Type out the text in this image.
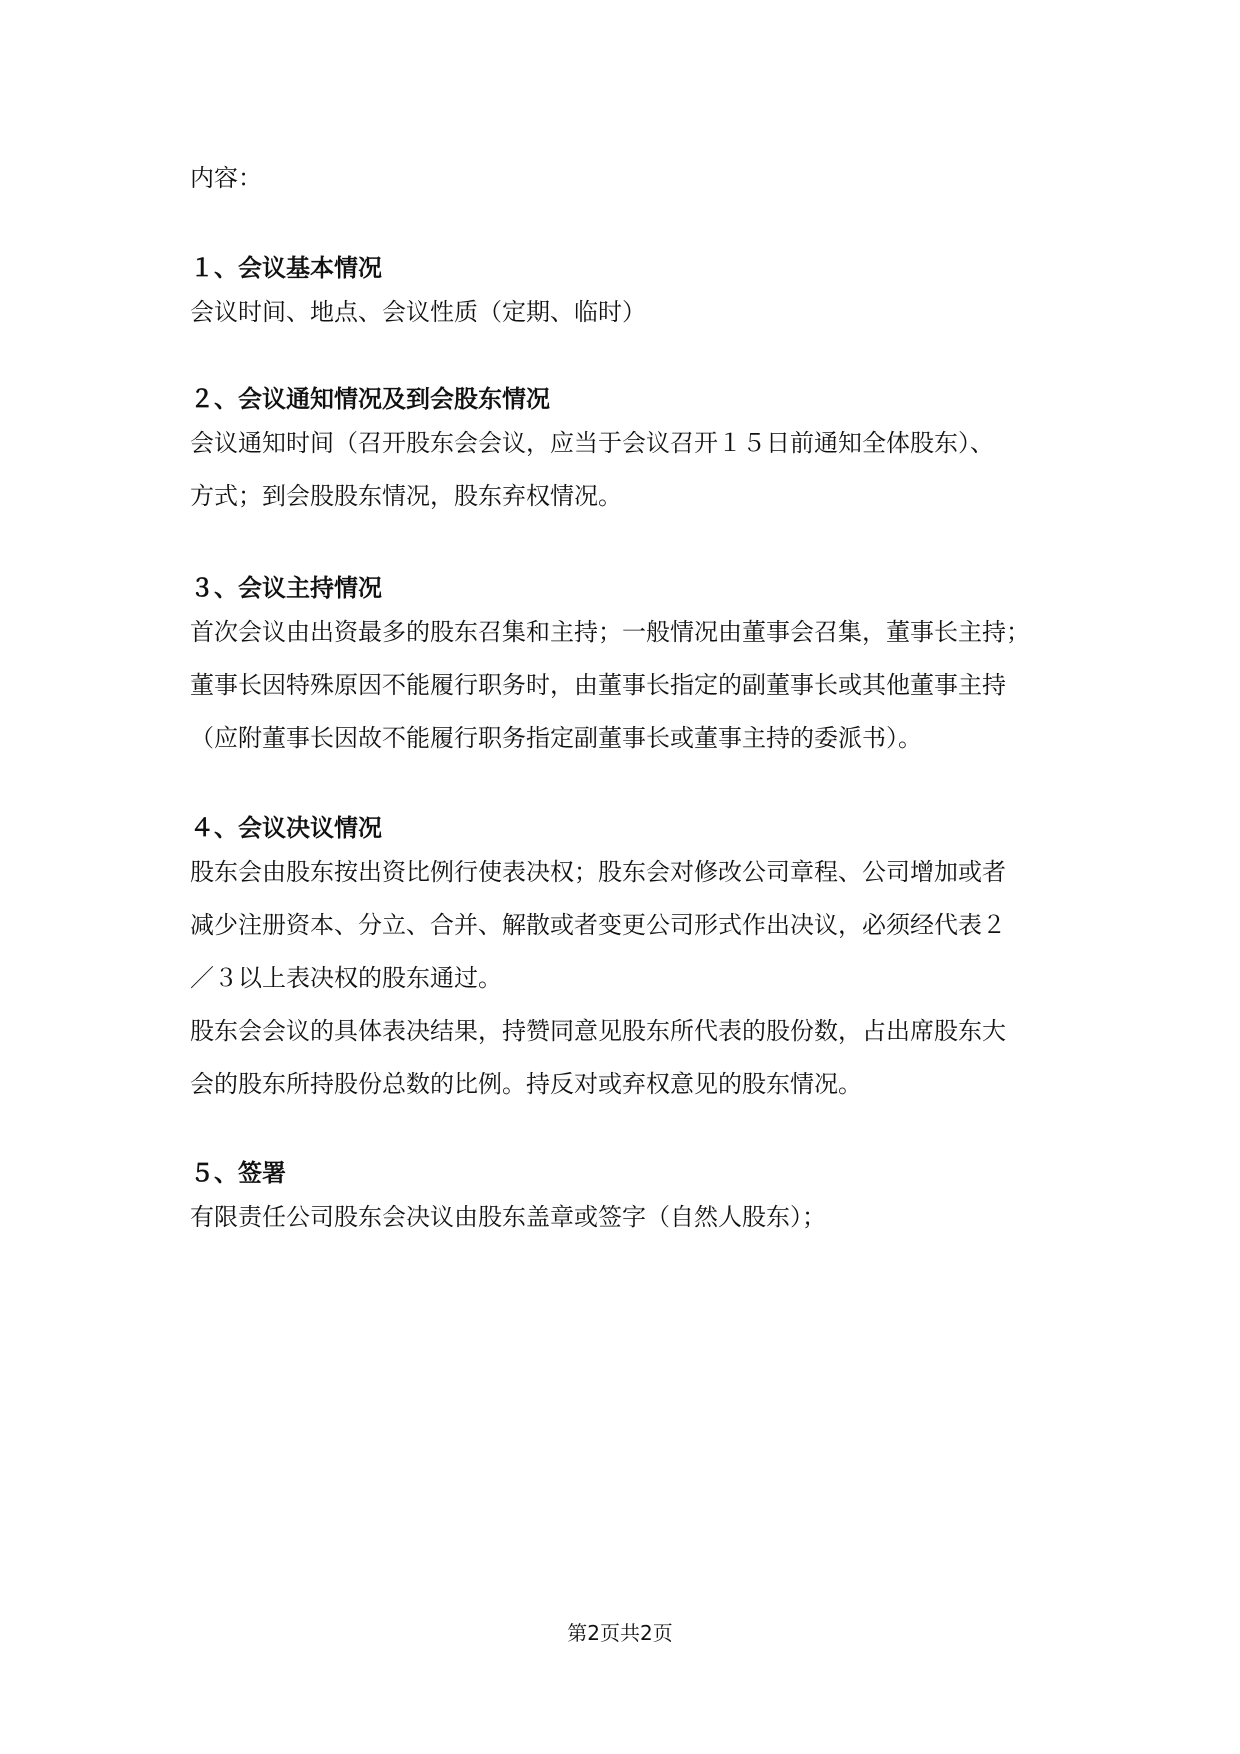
内容：
１、会议基本情况
会议时间、地点、会议性质（定期、临时）
２、会议通知情况及到会股东情况
会议通知时间（召开股东会会议，应当于会议召开１５日前通知全体股东）、
方式；到会股股东情况，股东弃权情况。
３、会议主持情况
首次会议由出资最多的股东召集和主持；一般情况由董事会召集，董事长主持；
董事长因特殊原因不能履行职务时，由董事长指定的副董事长或其他董事主持
（应附董事长因故不能履行职务指定副董事长或董事主持的委派书）。
４、会议决议情况
股东会由股东按出资比例行使表决权；股东会对修改公司章程、公司增加或者
减少注册资本、分立、合并、解散或者变更公司形式作出决议，必须经代表２
／３以上表决权的股东通过。
股东会会议的具体表决结果，持赞同意见股东所代表的股份数，占出席股东大
会的股东所持股份总数的比例。持反对或弃权意见的股东情况。
５、签署
有限责任公司股东会决议由股东盖章或签字（自然人股东）；
第2页共2页
